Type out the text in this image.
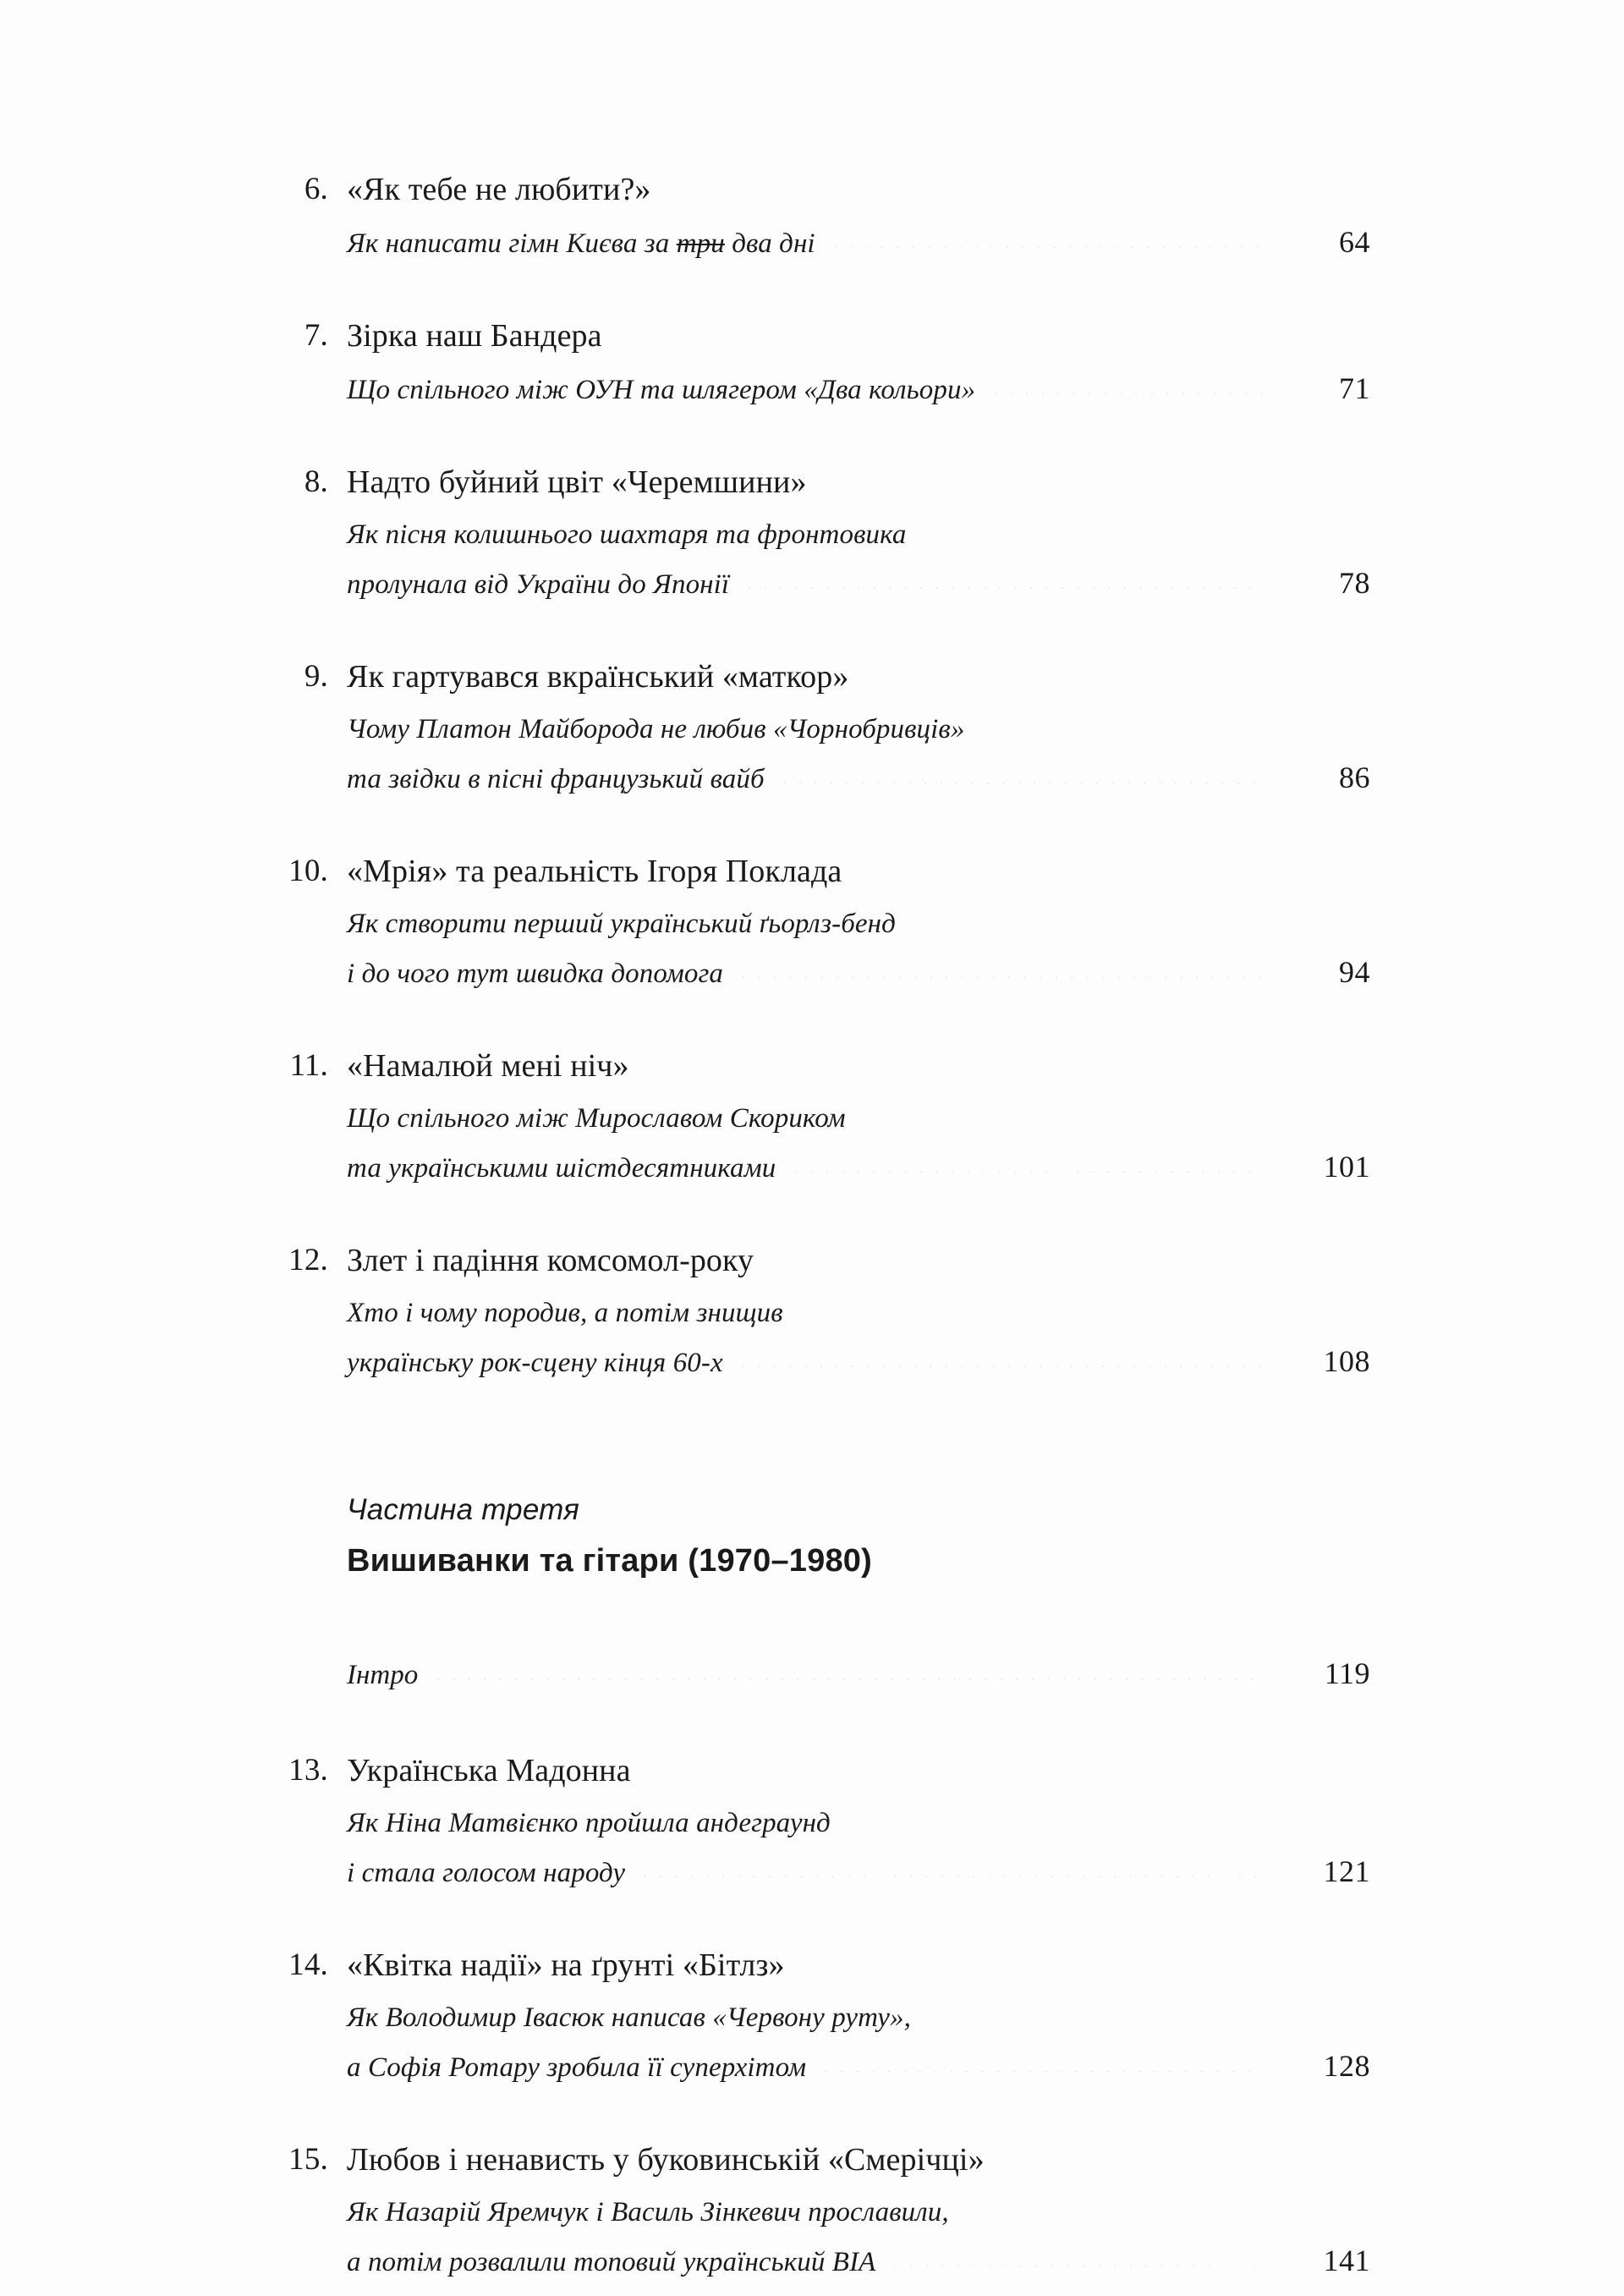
6. «Як тебе не любити?»
Як написати гімн Києва за три два дні .....	64
7. Зірка наш Бандера
Що спільного між ОУН та шлягером «Два кольори» .....	71
8. Надто буйний цвіт «Черемшини»
Як пісня колишнього шахтаря та фронтовика
пролунала від України до Японії .....	78
9. Як гартувався вкраїнський «маткор»
Чому Платон Майборода не любив «Чорнобривців»
та звідки в пісні французький вайб .....	86
10. «Мрія» та реальність Ігоря Поклада
Як створити перший український ґьорлз-бенд
і до чого тут швидка допомога .....	94
11. «Намалюй мені ніч»
Що спільного між Мирославом Скориком
та українськими шістдесятниками .....	101
12. Злет і падіння комсомол-року
Хто і чому породив, а потім знищив
українську рок-сцену кінця 60-х .....	108
Частина третя
Вишиванки та гітари (1970–1980)
Інтро .....	119
13. Українська Мадонна
Як Ніна Матвієнко пройшла андеграунд
і стала голосом народу .....	121
14. «Квітка надії» на ґрунті «Бітлз»
Як Володимир Івасюк написав «Червону руту»,
а Софія Ротару зробила її суперхітом .....	128
15. Любов і ненависть у буковинській «Смерічці»
Як Назарій Яремчук і Василь Зінкевич прославили,
а потім розвалили топовий український ВІА .....	141
